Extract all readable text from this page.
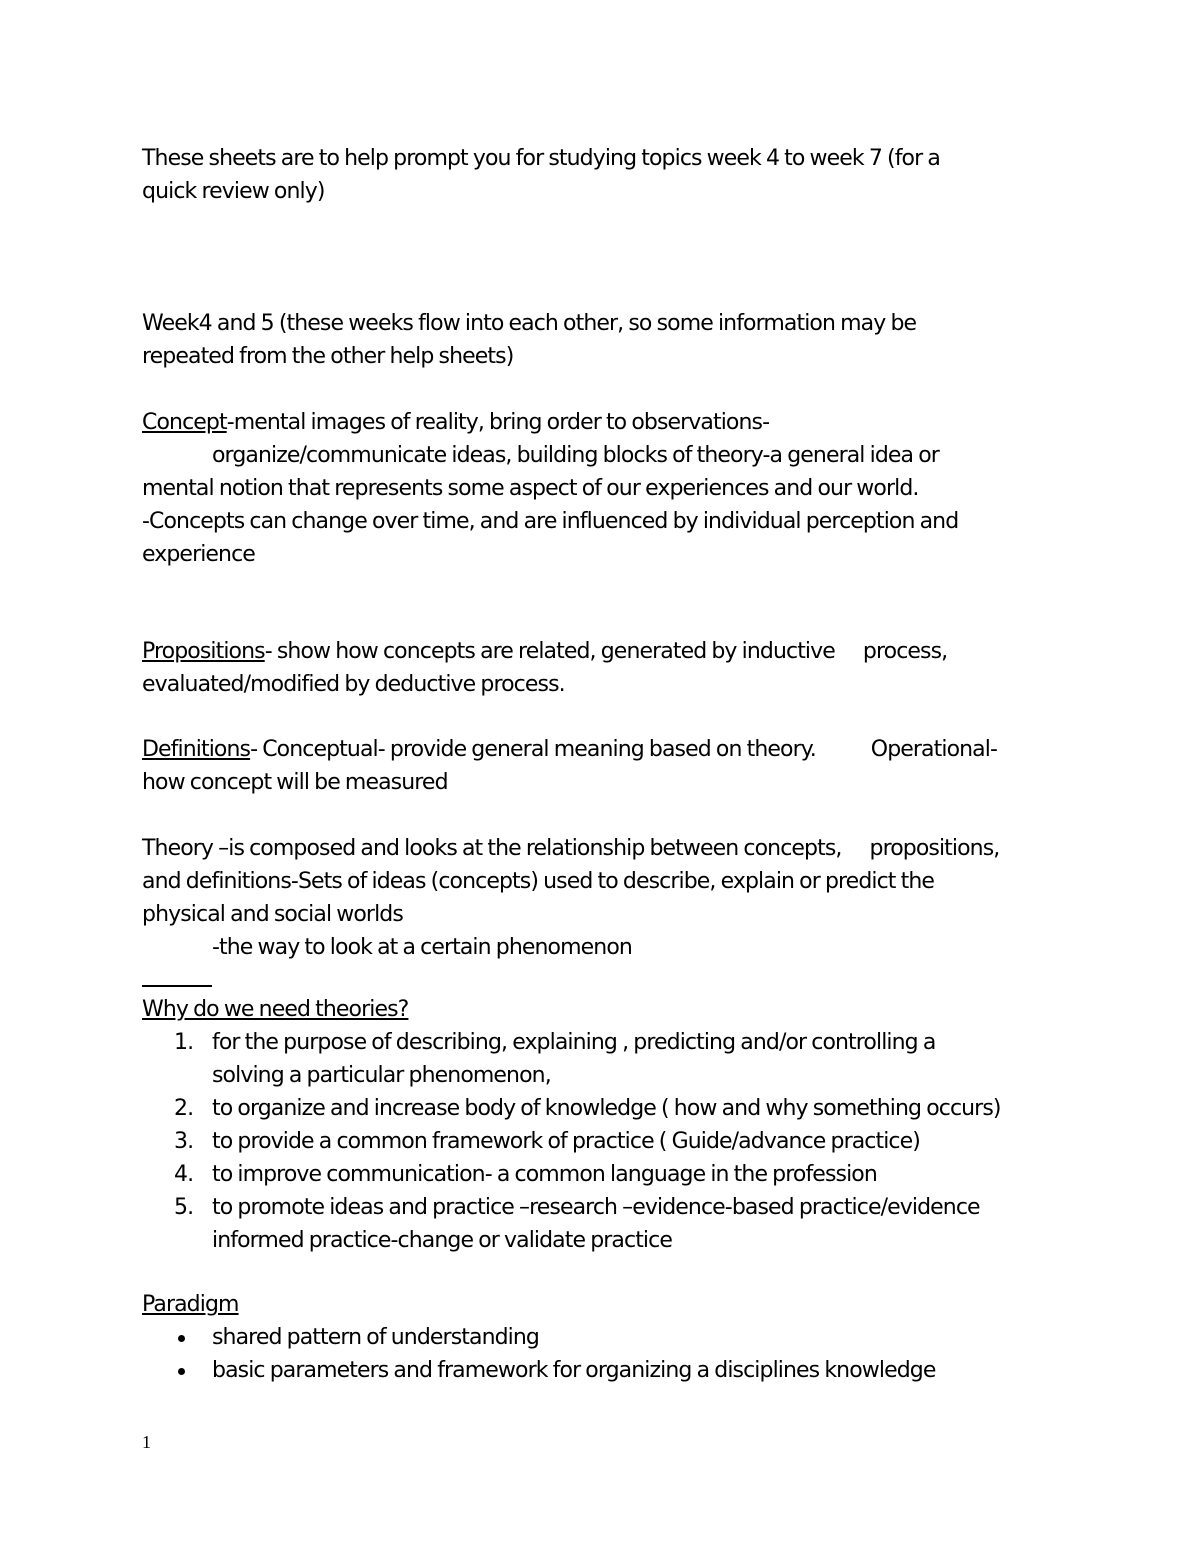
These sheets are to help prompt you for studying topics week 4 to week 7 (for a
quick review only)
Week4 and 5 (these weeks flow into each other, so some information may be
repeated from the other help sheets)
Concept-mental images of reality, bring order to observations-
organize/communicate ideas, building blocks of theory-a general idea or
mental notion that represents some aspect of our experiences and our world.
-Concepts can change over time, and are influenced by individual perception and
experience
Propositions- show how concepts are related, generated by inductive process,
evaluated/modified by deductive process.
Definitions- Conceptual- provide general meaning based on theory.	Operational-
how concept will be measured
Theory –is composed and looks at the relationship between concepts, propositions,
and definitions-Sets of ideas (concepts) used to describe, explain or predict the
physical and social worlds
-the way to look at a certain phenomenon
Why do we need theories?
1. for the purpose of describing, explaining , predicting and/or controlling a
solving a particular phenomenon,
2. to organize and increase body of knowledge ( how and why something occurs)
3. to provide a common framework of practice ( Guide/advance practice)
4. to improve communication- a common language in the profession
5. to promote ideas and practice –research –evidence-based practice/evidence
informed practice-change or validate practice
Paradigm
shared pattern of understanding
basic parameters and framework for organizing a disciplines knowledge
1
